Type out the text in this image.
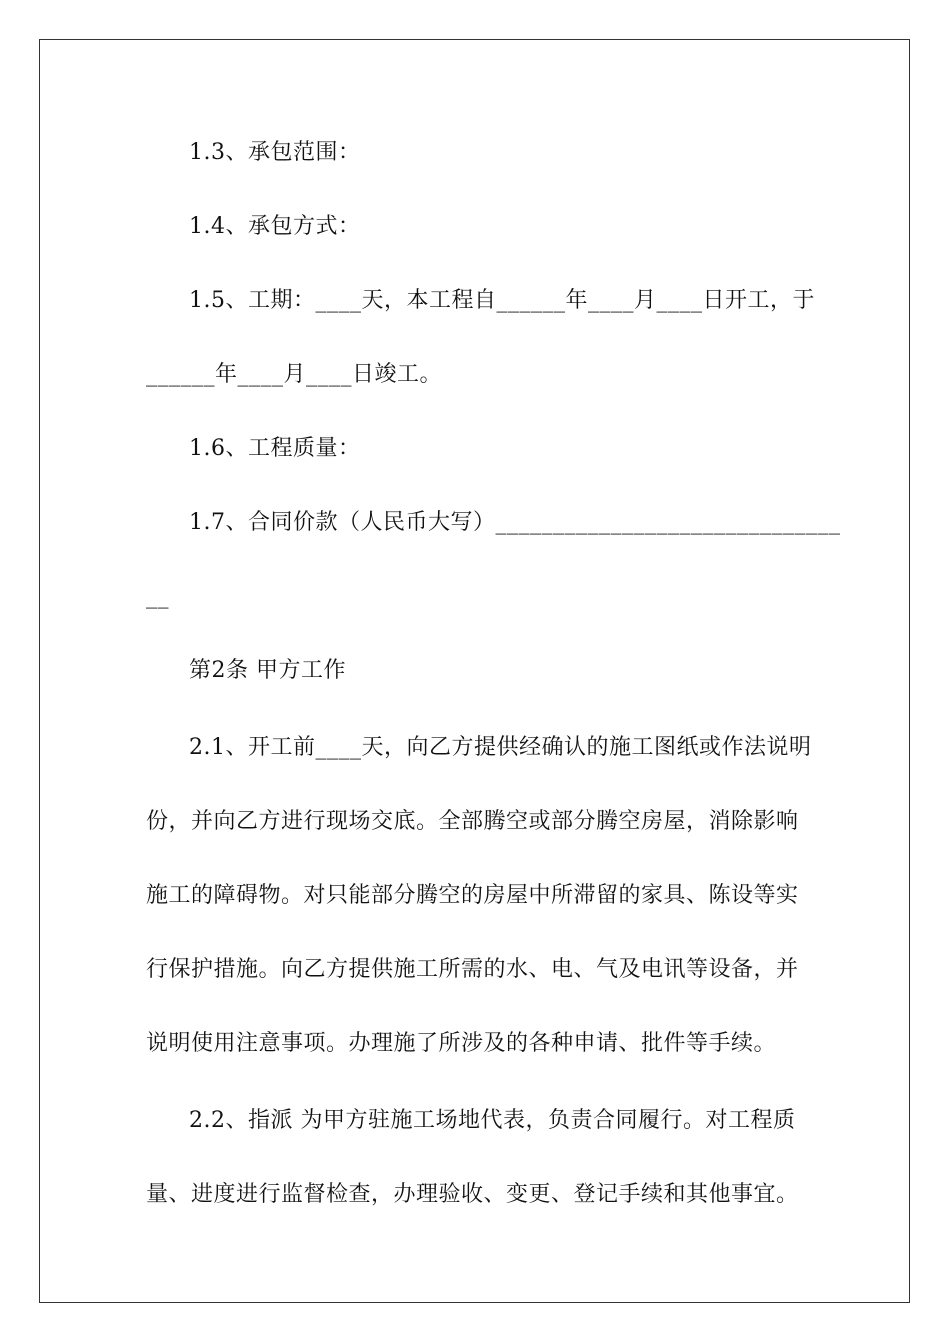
1.3、承包范围：
1.4、承包方式：
1.5、工期：____天，本工程自______年____月____日开工，于
______年____月____日竣工。
1.6、工程质量：
1.7、合同价款（人民币大写）______________________________
__
第2条 甲方工作
2.1、开工前____天，向乙方提供经确认的施工图纸或作法说明
份，并向乙方进行现场交底。全部腾空或部分腾空房屋，消除影响
施工的障碍物。对只能部分腾空的房屋中所滞留的家具、陈设等实
行保护措施。向乙方提供施工所需的水、电、气及电讯等设备，并
说明使用注意事项。办理施了所涉及的各种申请、批件等手续。
2.2、指派 为甲方驻施工场地代表，负责合同履行。对工程质
量、进度进行监督检查，办理验收、变更、登记手续和其他事宜。
